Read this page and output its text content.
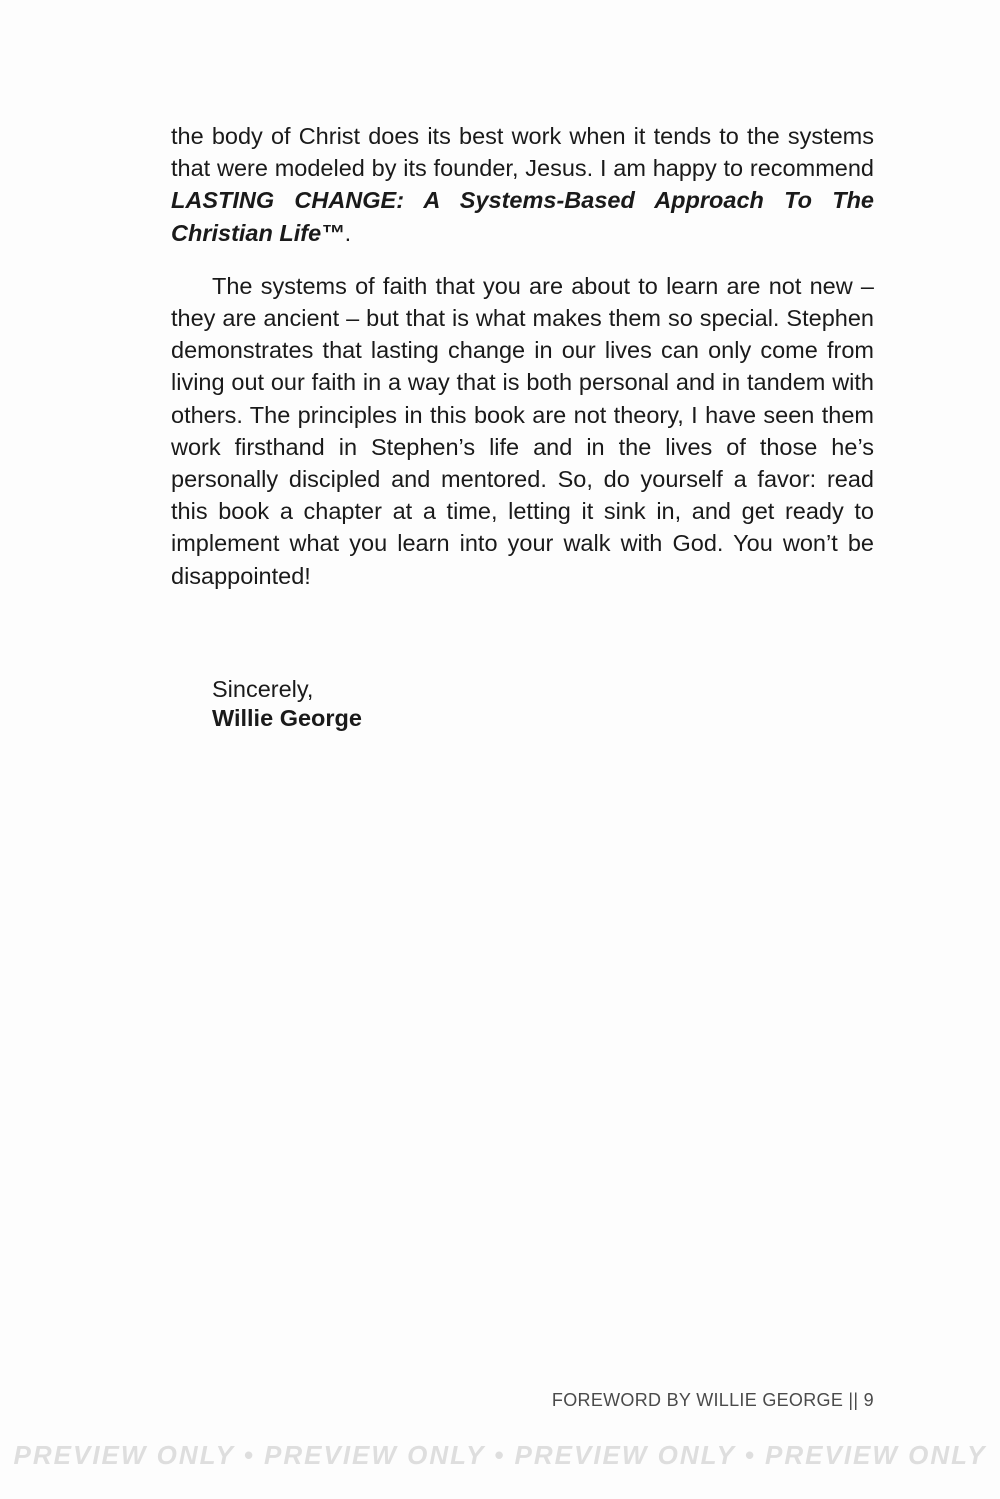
the body of Christ does its best work when it tends to the systems that were modeled by its founder, Jesus. I am happy to recommend LASTING CHANGE: A Systems-Based Approach To The Christian Life™.

The systems of faith that you are about to learn are not new – they are ancient – but that is what makes them so special. Stephen demonstrates that lasting change in our lives can only come from living out our faith in a way that is both personal and in tandem with others. The principles in this book are not theory, I have seen them work firsthand in Stephen’s life and in the lives of those he’s personally discipled and mentored. So, do yourself a favor: read this book a chapter at a time, letting it sink in, and get ready to implement what you learn into your walk with God. You won’t be disappointed!

Sincerely,
Willie George
FOREWORD BY WILLIE GEORGE || 9
PREVIEW ONLY • PREVIEW ONLY • PREVIEW ONLY • PREVIEW ONLY
